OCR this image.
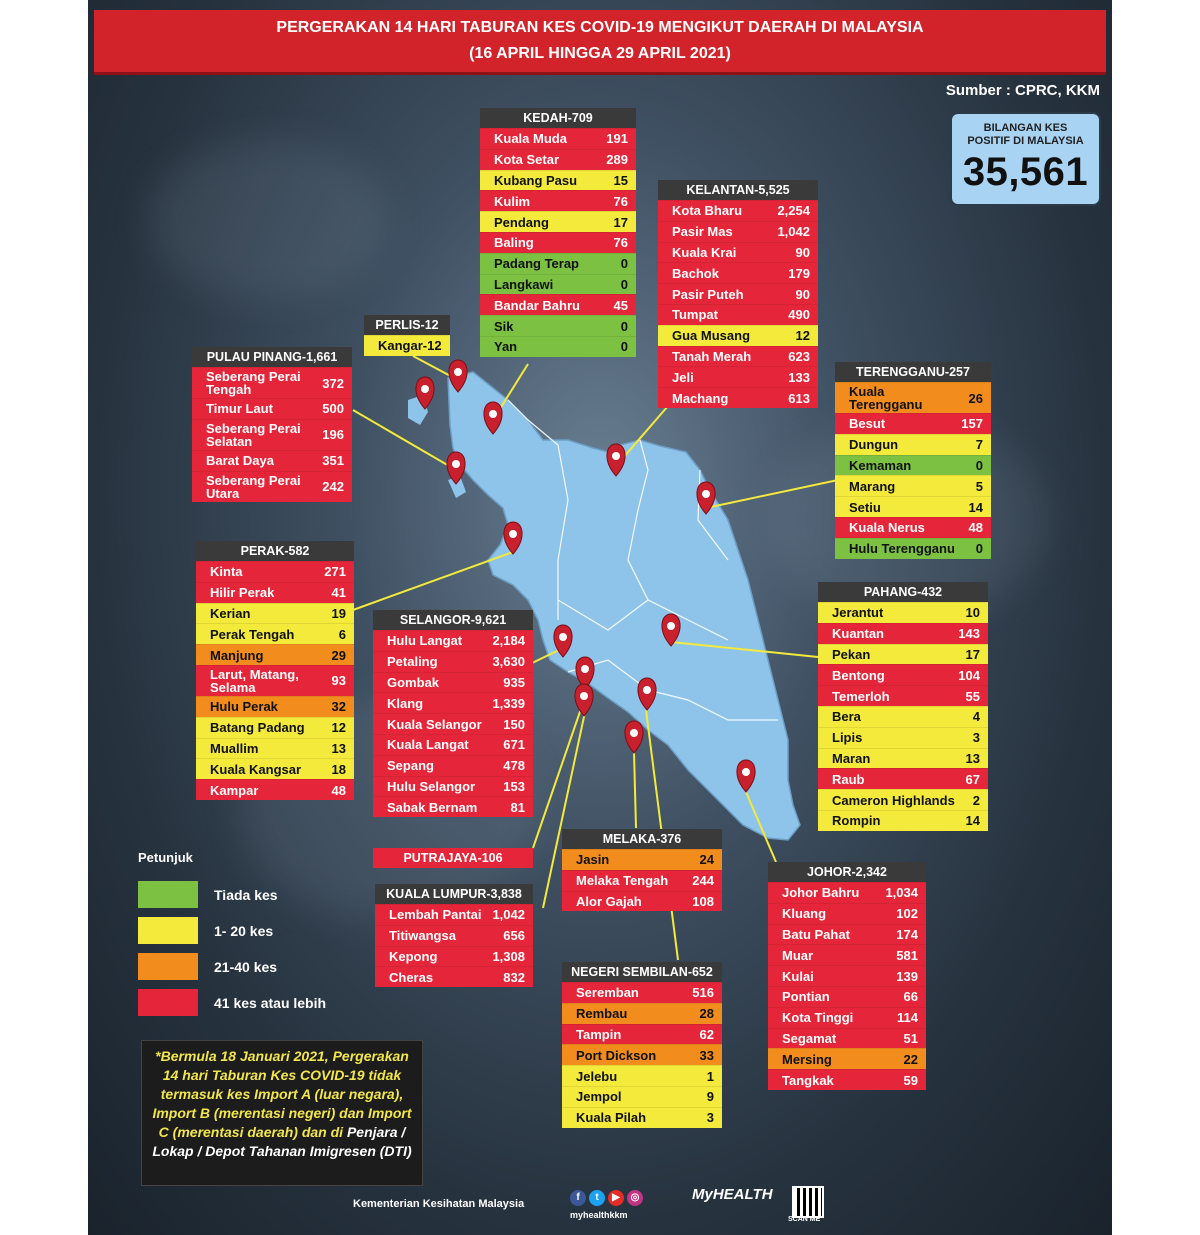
PERGERAKAN 14 HARI TABURAN KES COVID-19 MENGIKUT DAERAH DI MALAYSIA
(16 APRIL HINGGA 29 APRIL 2021)
Sumber : CPRC, KKM
BILANGAN KES
POSITIF DI MALAYSIA
35,561
KEDAH-709
Kuala Muda	191
Kota Setar	289
Kubang Pasu	15
Kulim	76
Pendang	17
Baling	76
Padang Terap	0
Langkawi	0
Bandar Bahru	45
Sik	0
Yan	0
KELANTAN-5,525
Kota Bharu	2,254
Pasir Mas	1,042
Kuala Krai	90
Bachok	179
Pasir Puteh	90
Tumpat	490
Gua Musang	12
Tanah Merah	623
Jeli	133
Machang	613
PERLIS-12
Kangar-12
PULAU PINANG-1,661
Seberang Perai Tengah	372
Timur Laut	500
Seberang Perai Selatan	196
Barat Daya	351
Seberang Perai Utara	242
TERENGGANU-257
Kuala Terengganu	26
Besut	157
Dungun	7
Kemaman	0
Marang	5
Setiu	14
Kuala Nerus	48
Hulu Terengganu 0
PERAK-582
Kinta	271
Hilir Perak	41
Kerian	19
Perak Tengah	6
Manjung	29
Larut, Matang, Selama	93
Hulu Perak	32
Batang Padang 12
Muallim	13
Kuala Kangsar 18
Kampar	48
SELANGOR-9,621
Hulu Langat 2,184
Petaling	3,630
Gombak	935
Klang	1,339
Kuala Selangor 150
Kuala Langat	671
Sepang	478
Hulu Selangor 153
Sabak Bernam	81
PAHANG-432
Jerantut	10
Kuantan	143
Pekan	17
Bentong	104
Temerloh	55
Bera	4
Lipis	3
Maran	13
Raub	67
Cameron Highlands 2
Rompin	14
PUTRAJAYA-106
KUALA LUMPUR-3,838
Lembah Pantai 1,042
Titiwangsa	656
Kepong	1,308
Cheras	832
MELAKA-376
Jasin	24
Melaka Tengah 244
Alor Gajah	108
NEGERI SEMBILAN-652
Seremban	516
Rembau	28
Tampin	62
Port Dickson	33
Jelebu	1
Jempol	9
Kuala Pilah	3
JOHOR-2,342
Johor Bahru 1,034
Kluang	102
Batu Pahat	174
Muar	581
Kulai	139
Pontian	66
Kota Tinggi	114
Segamat	51
Mersing	22
Tangkak	59
Petunjuk
Tiada kes
1- 20 kes
21-40 kes
41 kes atau lebih
*Bermula 18 Januari 2021, Pergerakan 14 hari Taburan Kes COVID-19 tidak termasuk kes Import A (luar negara), Import B (merentasi negeri) dan Import C (merentasi daerah) dan di Penjara / Lokap / Depot Tahanan Imigresen (DTI)
Kementerian Kesihatan Malaysia
f	t	▶	◎
myhealthkkm
MyHEALTH
SCAN ME
